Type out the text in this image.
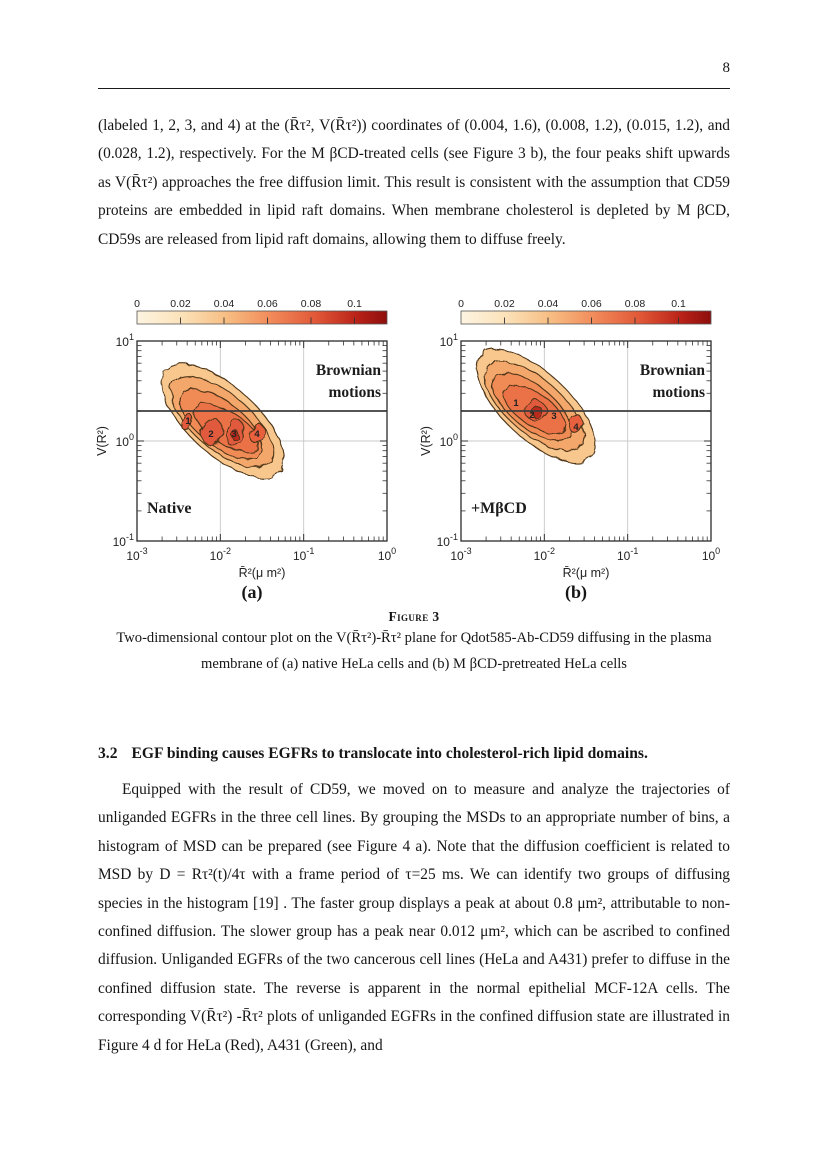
8
(labeled 1, 2, 3, and 4) at the (R̄τ², V(R̄τ²)) coordinates of (0.004, 1.6), (0.008, 1.2), (0.015, 1.2), and (0.028, 1.2), respectively. For the M βCD-treated cells (see Figure 3 b), the four peaks shift upwards as V(R̄τ²) approaches the free diffusion limit. This result is consistent with the assumption that CD59 proteins are embedded in lipid raft domains. When membrane cholesterol is depleted by M βCD, CD59s are released from lipid raft domains, allowing them to diffuse freely.
0	0.02 0.04 0.06 0.08 0.1
1
2 3 4
Brownian
motions
Native
$10^1$
$10^0$
$10^{-1}$
$10^{-3}$	$10^{-2}$	$10^{-1}$	$10^0$
R̄²(μ m²)
V(R²)
0	0.02 0.04 0.06 0.08 0.1
1
2 3
4
Brownian
motions
+MβCD
$10^1$
$10^0$
$10^{-1}$
$10^{-3}$	$10^{-2}$	$10^{-1}$	$10^0$
R̄²(μ m²)
V(R²)
(a)	(b)
Figure 3
Two-dimensional contour plot on the V(R̄τ²)-R̄τ² plane for Qdot585-Ab-CD59 diffusing in the plasma
membrane of (a) native HeLa cells and (b) M βCD-pretreated HeLa cells
3.2 EGF binding causes EGFRs to translocate into cholesterol-rich lipid domains.
Equipped with the result of CD59, we moved on to measure and analyze the trajectories of unliganded EGFRs in the three cell lines. By grouping the MSDs to an appropriate number of bins, a histogram of MSD can be prepared (see Figure 4 a). Note that the diffusion coefficient is related to MSD by D = Rτ²(t)/4τ with a frame period of τ=25 ms. We can identify two groups of diffusing species in the histogram [19] . The faster group displays a peak at about 0.8 μm², attributable to non-confined diffusion. The slower group has a peak near 0.012 μm², which can be ascribed to confined diffusion. Unliganded EGFRs of the two cancerous cell lines (HeLa and A431) prefer to diffuse in the confined diffusion state. The reverse is apparent in the normal epithelial MCF-12A cells. The corresponding V(R̄τ²) -R̄τ² plots of unliganded EGFRs in the confined diffusion state are illustrated in Figure 4 d for HeLa (Red), A431 (Green), and
